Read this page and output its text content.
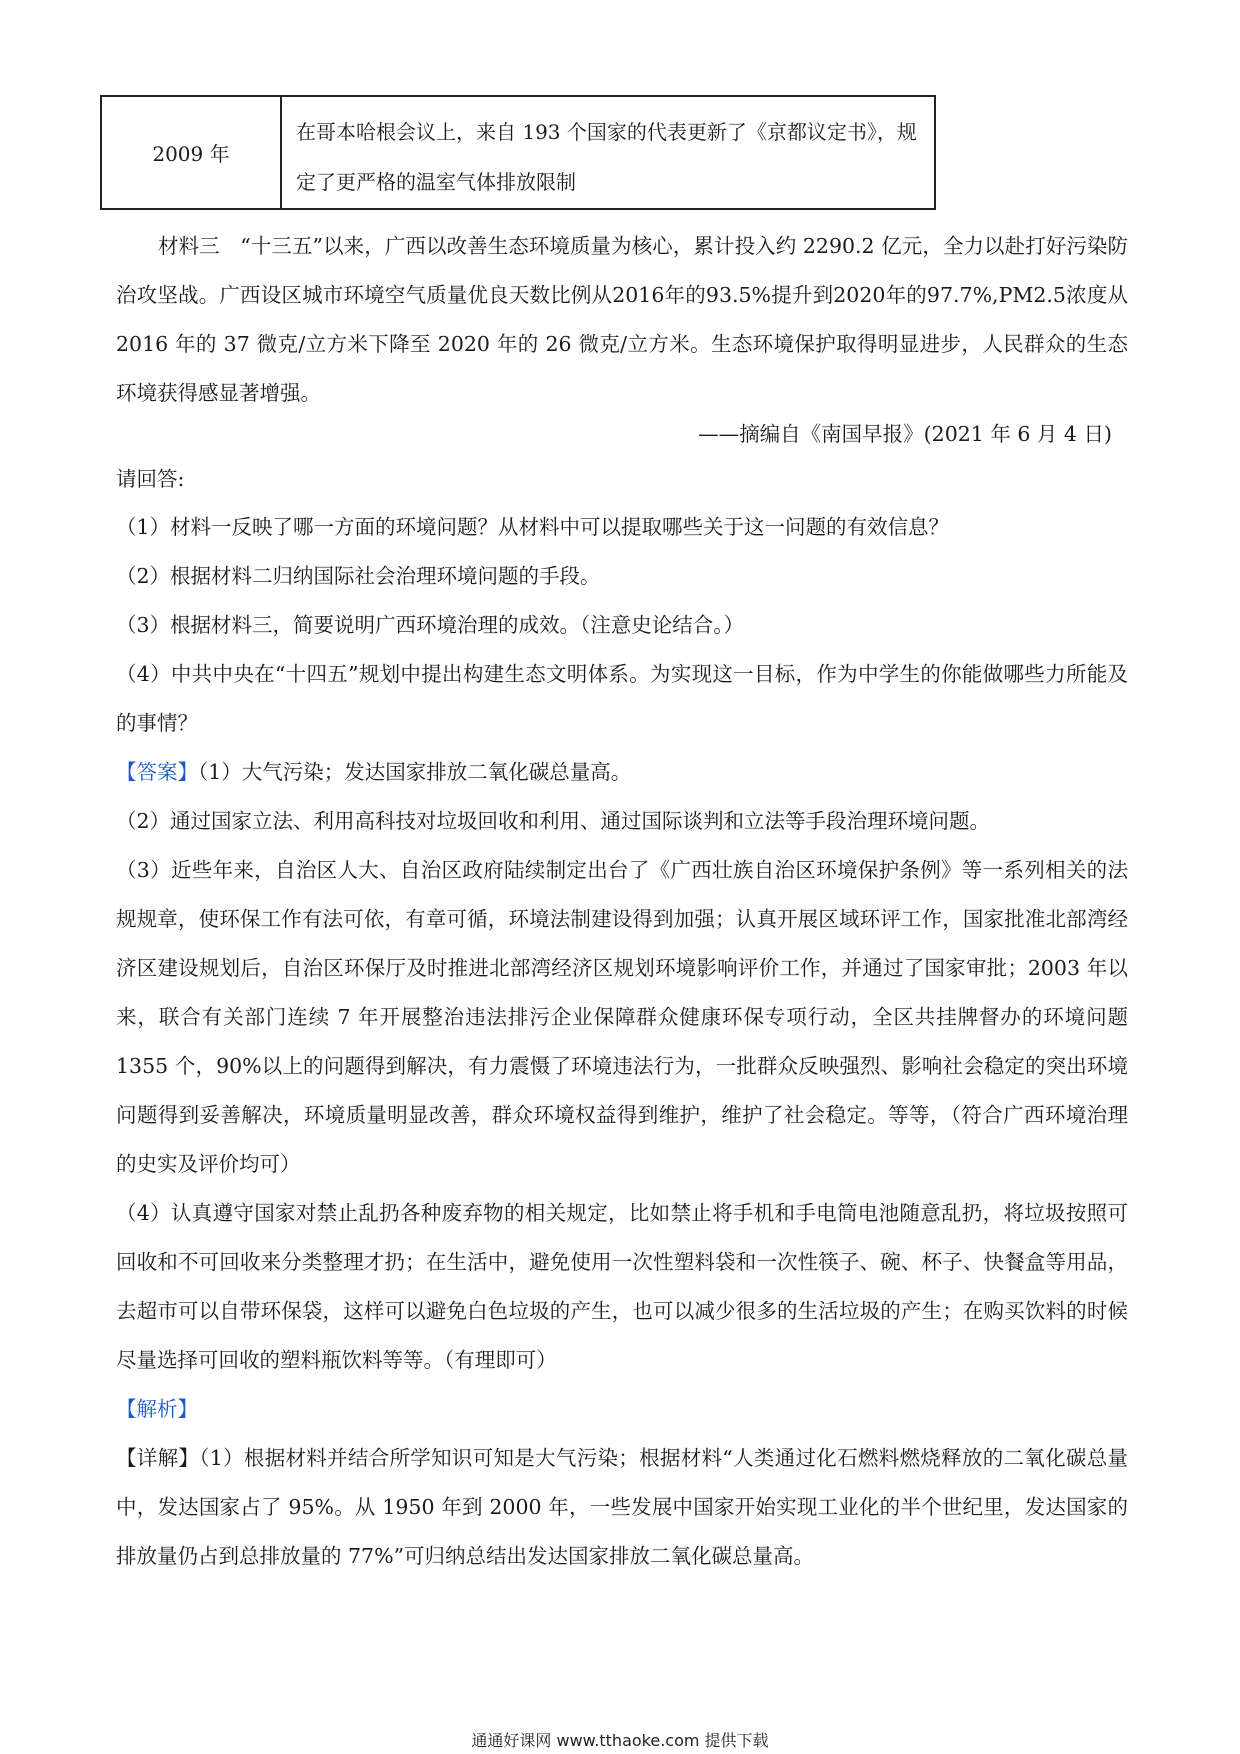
2009 年
在哥本哈根会议上，来自 193 个国家的代表更新了《京都议定书》，规定了更严格的温室气体排放限制

材料三　“十三五”以来，广西以改善生态环境质量为核心，累计投入约 2290.2 亿元，全力以赴打好污染防治攻坚战。广西设区城市环境空气质量优良天数比例从2016年的93.5%提升到2020年的97.7%,PM2.5浓度从 2016 年的 37 微克/立方米下降至 2020 年的 26 微克/立方米。生态环境保护取得明显进步，人民群众的生态环境获得感显著增强。

——摘编自《南国早报》(2021 年 6 月 4 日)

请回答:

（1）材料一反映了哪一方面的环境问题？从材料中可以提取哪些关于这一问题的有效信息？

（2）根据材料二归纳国际社会治理环境问题的手段。

（3）根据材料三，简要说明广西环境治理的成效。（注意史论结合。）

（4）中共中央在“十四五”规划中提出构建生态文明体系。为实现这一目标，作为中学生的你能做哪些力所能及的事情？

【答案】（1）大气污染；发达国家排放二氧化碳总量高。

（2）通过国家立法、利用高科技对垃圾回收和利用、通过国际谈判和立法等手段治理环境问题。

（3）近些年来，自治区人大、自治区政府陆续制定出台了《广西壮族自治区环境保护条例》等一系列相关的法规规章，使环保工作有法可依，有章可循，环境法制建设得到加强；认真开展区域环评工作，国家批准北部湾经济区建设规划后，自治区环保厅及时推进北部湾经济区规划环境影响评价工作，并通过了国家审批；2003 年以来，联合有关部门连续 7 年开展整治违法排污企业保障群众健康环保专项行动，全区共挂牌督办的环境问题 1355 个，90%以上的问题得到解决，有力震慑了环境违法行为，一批群众反映强烈、影响社会稳定的突出环境问题得到妥善解决，环境质量明显改善，群众环境权益得到维护，维护了社会稳定。等等，（符合广西环境治理的史实及评价均可）

（4）认真遵守国家对禁止乱扔各种废弃物的相关规定，比如禁止将手机和手电筒电池随意乱扔，将垃圾按照可回收和不可回收来分类整理才扔；在生活中，避免使用一次性塑料袋和一次性筷子、碗、杯子、快餐盒等用品，去超市可以自带环保袋，这样可以避免白色垃圾的产生，也可以减少很多的生活垃圾的产生；在购买饮料的时候尽量选择可回收的塑料瓶饮料等等。（有理即可）

【解析】

【详解】（1）根据材料并结合所学知识可知是大气污染；根据材料“人类通过化石燃料燃烧释放的二氧化碳总量中，发达国家占了 95%。从 1950 年到 2000 年，一些发展中国家开始实现工业化的半个世纪里，发达国家的排放量仍占到总排放量的 77%”可归纳总结出发达国家排放二氧化碳总量高。

通通好课网 www.tthaoke.com 提供下载
